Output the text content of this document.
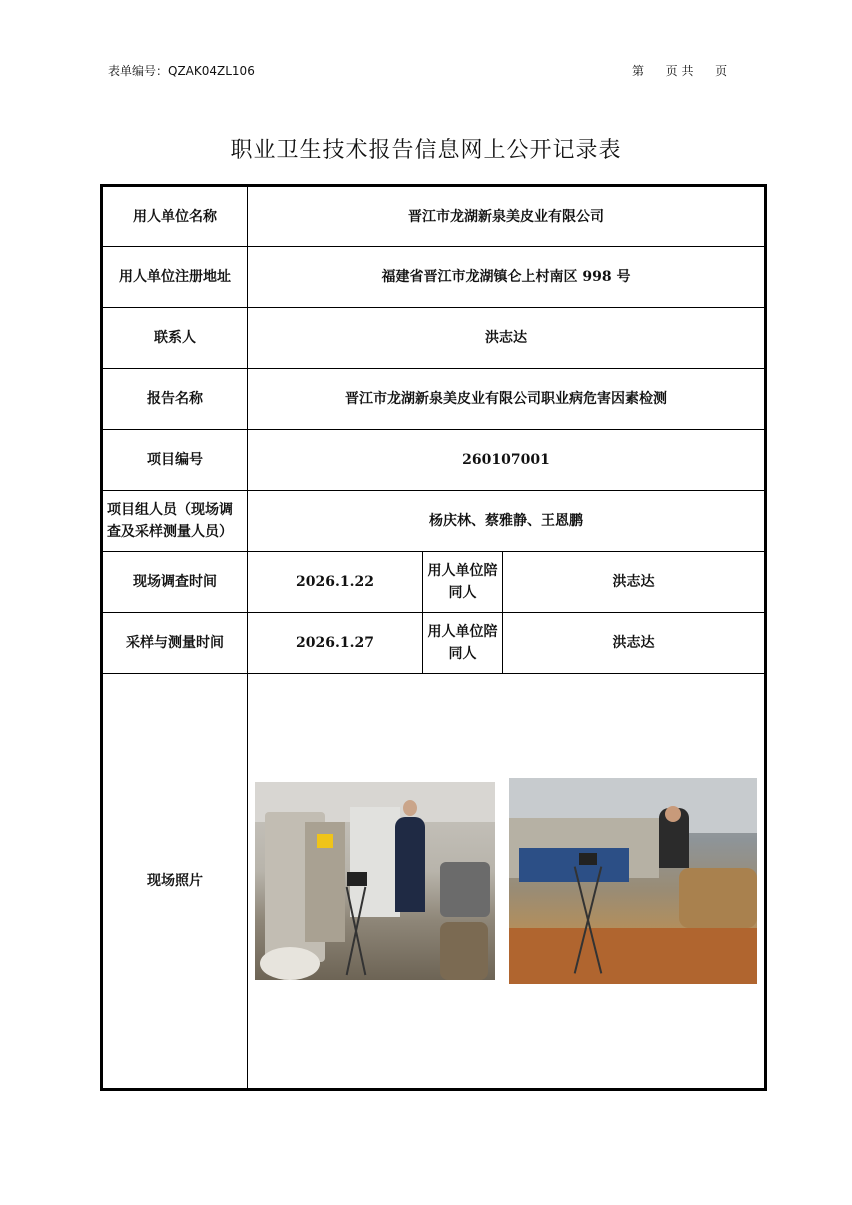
表单编号：QZAK04ZL106	第 页 共 页
职业卫生技术报告信息网上公开记录表
用人单位名称	晋江市龙湖新泉美皮业有限公司		
用人单位注册地址	福建省晋江市龙湖镇仑上村南区 998 号		
联系人	洪志达		
报告名称	晋江市龙湖新泉美皮业有限公司职业病危害因素检测		
项目编号	260107001		
项目组人员（现场调查及采样测量人员）	杨庆林、蔡雅静、王恩鹏		
现场调查时间	2026.1.22	用人单位陪同人	洪志达
采样与测量时间	2026.1.27	用人单位陪同人	洪志达
现场照片			
